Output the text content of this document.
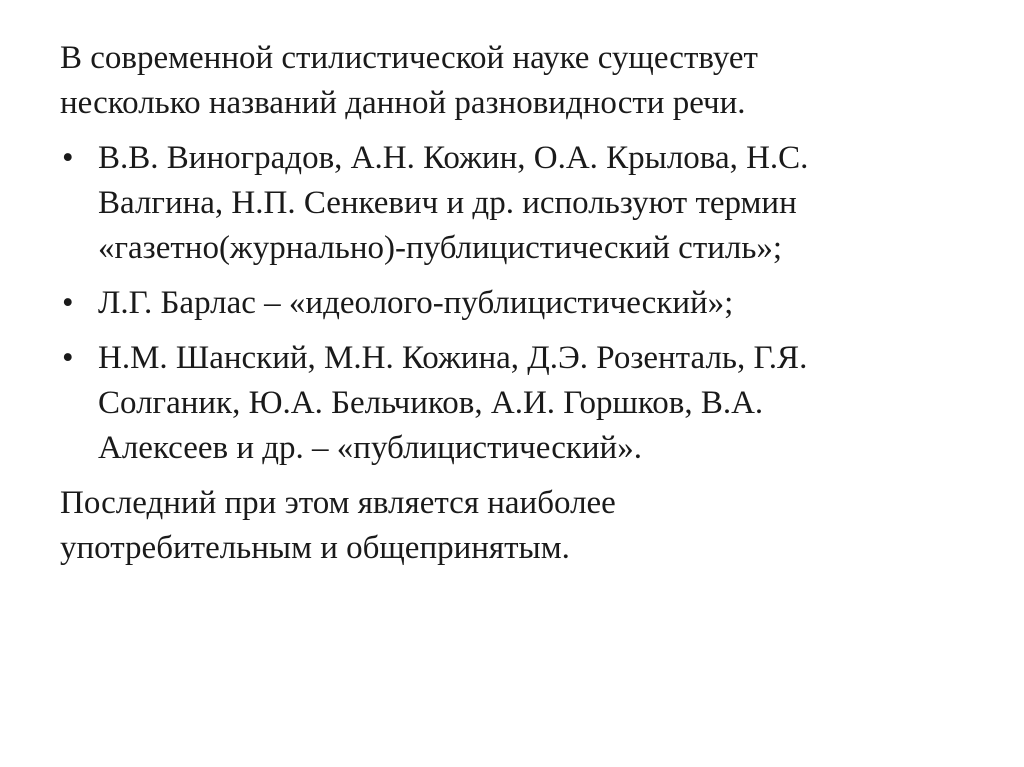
В современной стилистической науке существует
несколько названий данной разновидности речи.

• В.В. Виноградов, А.Н. Кожин, О.А. Крылова, Н.С.
Валгина, Н.П. Сенкевич и др. используют термин
«газетно(журнально)-публицистический стиль»;
• Л.Г. Барлас – «идеолого-публицистический»;
• Н.М. Шанский, М.Н. Кожина, Д.Э. Розенталь, Г.Я.
Солганик, Ю.А. Бельчиков, А.И. Горшков, В.А.
Алексеев и др. – «публицистический».

Последний при этом является наиболее
употребительным и общепринятым.
